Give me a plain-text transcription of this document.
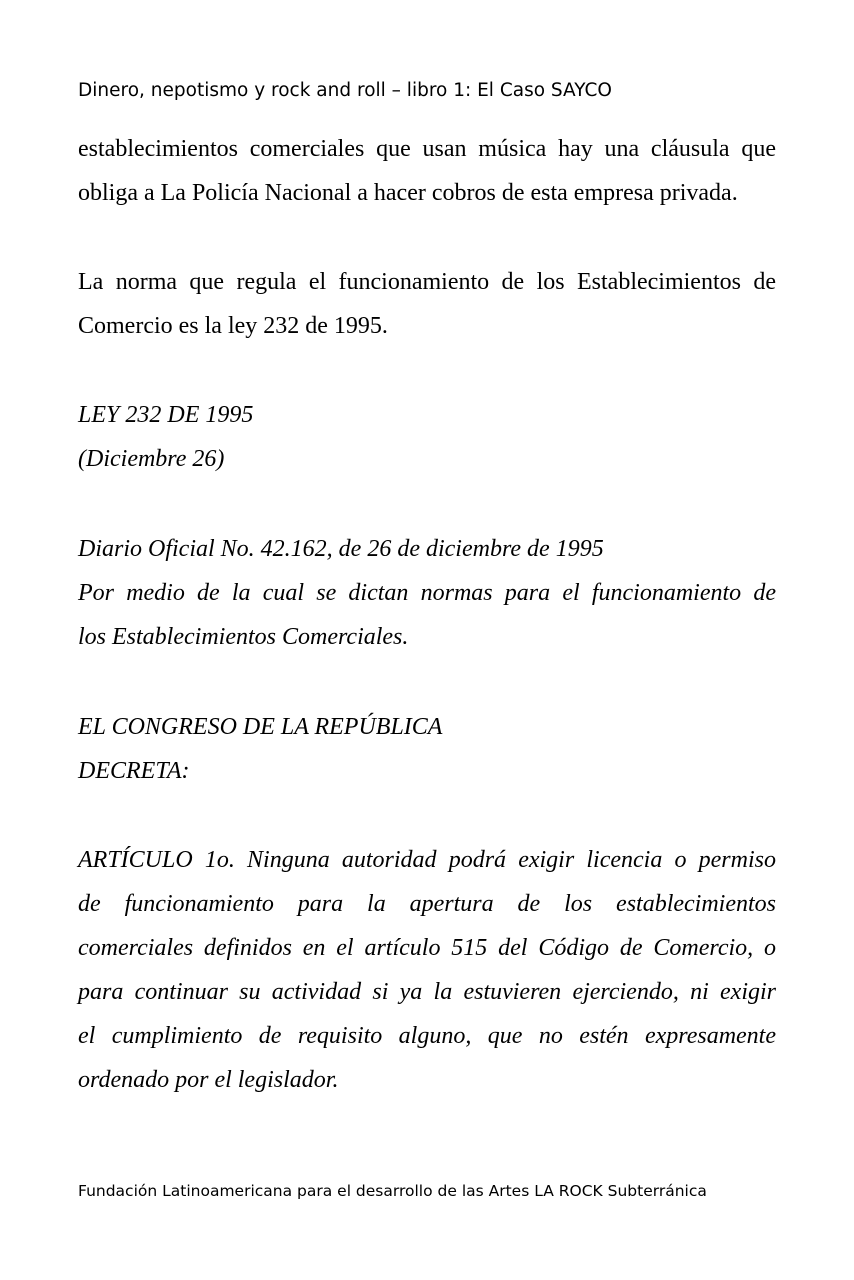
Dinero, nepotismo y rock and roll – libro 1: El Caso SAYCO
establecimientos comerciales que usan música hay una cláusula que
obliga a La Policía Nacional a hacer cobros de esta empresa privada.
La norma que regula el funcionamiento de los Establecimientos de
Comercio es la ley 232 de 1995.
LEY 232 DE 1995
(Diciembre 26)
Diario Oficial No. 42.162, de 26 de diciembre de 1995
Por medio de la cual se dictan normas para el funcionamiento de
los Establecimientos Comerciales.
EL CONGRESO DE LA REPÚBLICA
DECRETA:
ARTÍCULO 1o. Ninguna autoridad podrá exigir licencia o permiso
de funcionamiento para la apertura de los establecimientos
comerciales definidos en el artículo 515 del Código de Comercio, o
para continuar su actividad si ya la estuvieren ejerciendo, ni exigir
el cumplimiento de requisito alguno, que no estén expresamente
ordenado por el legislador.
Fundación Latinoamericana para el desarrollo de las Artes LA ROCK Subterránica
